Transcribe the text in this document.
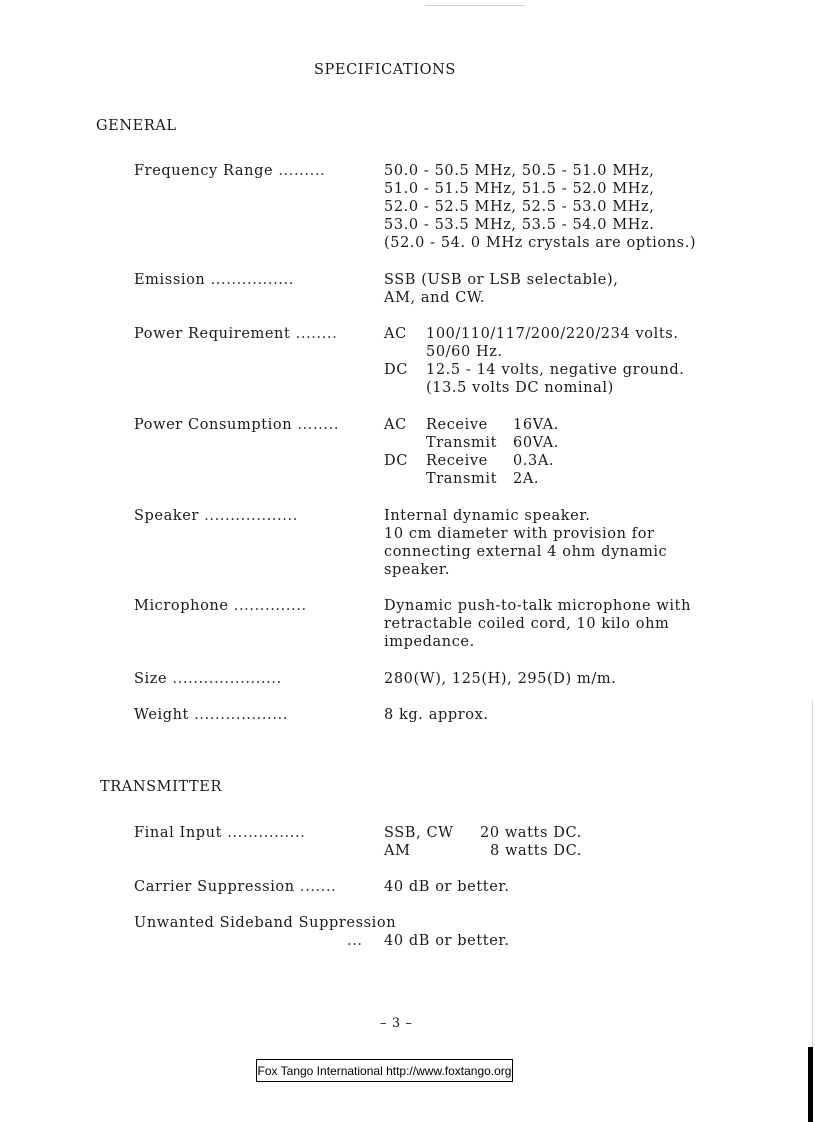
SPECIFICATIONS
GENERAL
Frequency Range .........	50.0 - 50.5 MHz, 50.5 - 51.0 MHz,
51.0 - 51.5 MHz, 51.5 - 52.0 MHz,
52.0 - 52.5 MHz, 52.5 - 53.0 MHz,
53.0 - 53.5 MHz, 53.5 - 54.0 MHz.
(52.0 - 54. 0 MHz crystals are options.)
Emission ................	SSB (USB or LSB selectable),
AM, and CW.
Power Requirement ........	AC 100/110/117/200/220/234 volts.
50/60 Hz.
DC 12.5 - 14 volts, negative ground.
(13.5 volts DC nominal)
Power Consumption ........	AC Receive 16VA.
Transmit 60VA.
DC Receive 0.3A.
Transmit 2A.
Speaker ..................	Internal dynamic speaker.
10 cm diameter with provision for
connecting external 4 ohm dynamic
speaker.
Microphone ..............	Dynamic push-to-talk microphone with
retractable coiled cord, 10 kilo ohm
impedance.
Size .....................	280(W), 125(H), 295(D) m/m.
Weight ..................	8 kg. approx.
TRANSMITTER
Final Input ...............	SSB, CW 20 watts DC.
AM	8 watts DC.
Carrier Suppression .......	40 dB or better.
Unwanted Sideband Suppression
... 40 dB or better.
– 3 –
Fox Tango International http://www.foxtango.org
